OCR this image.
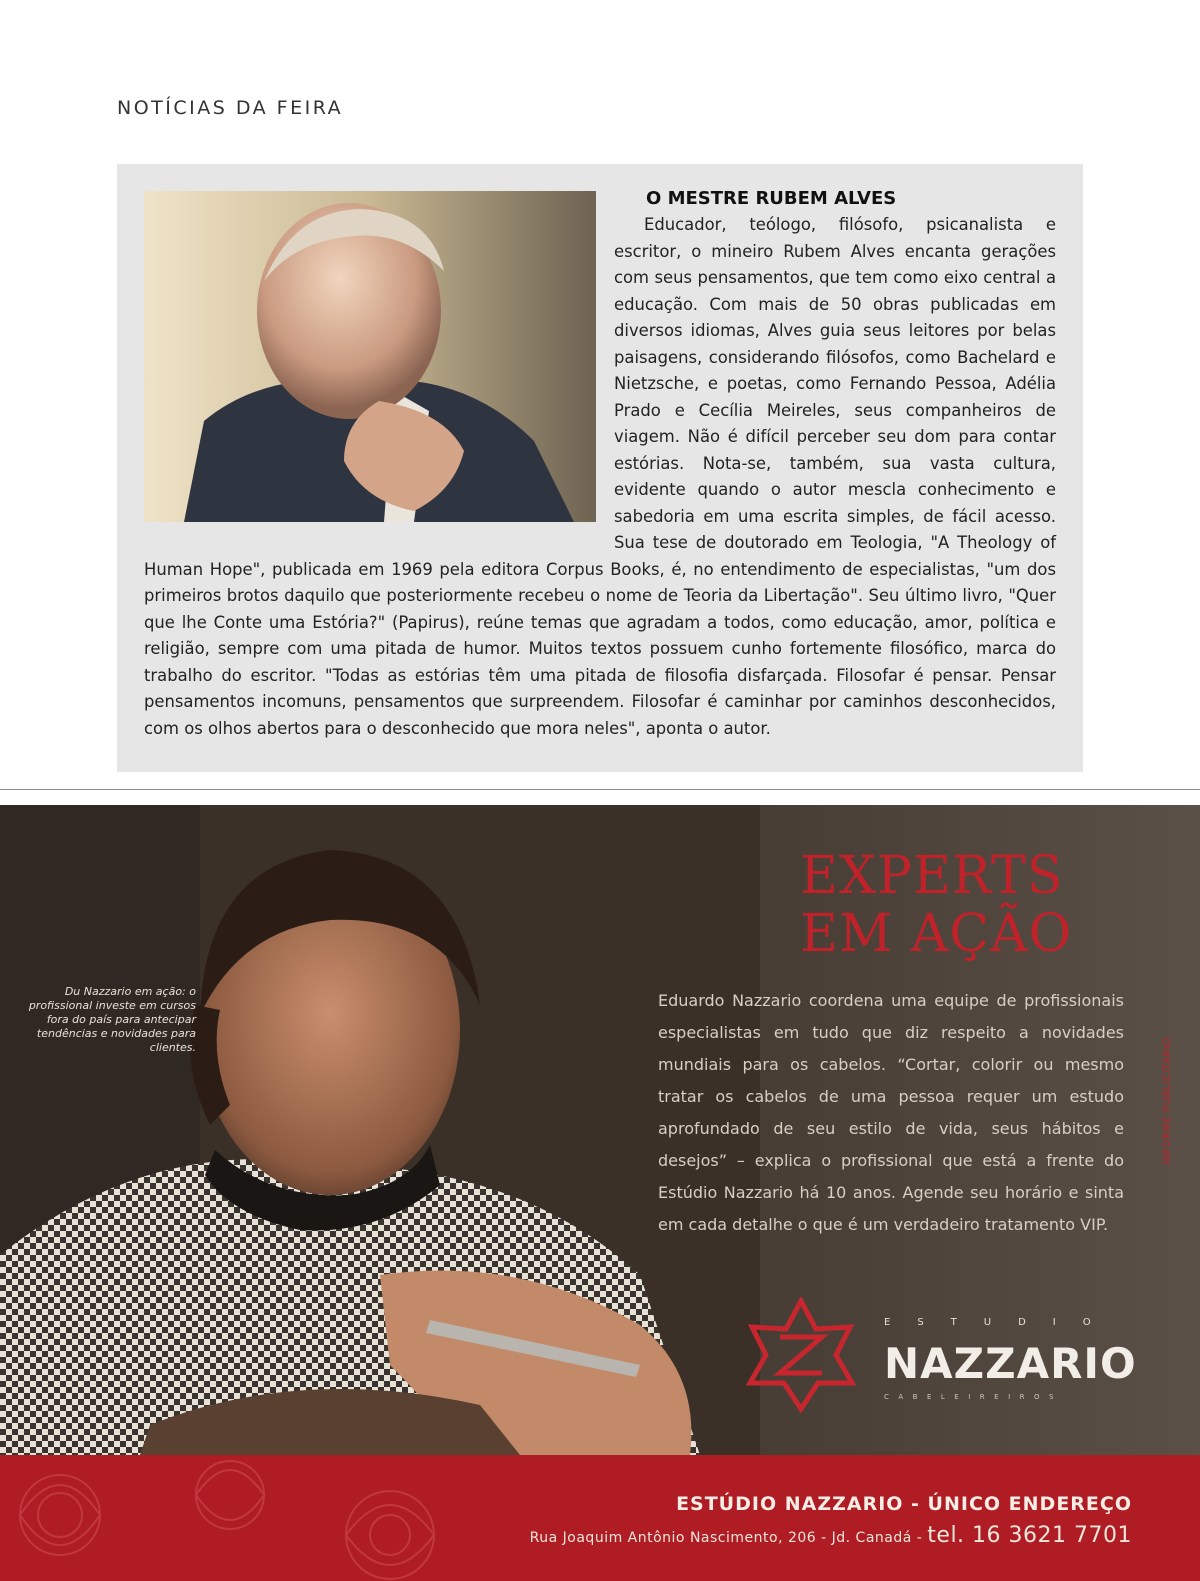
NOTÍCIAS DA FEIRA
O MESTRE RUBEM ALVES
Educador, teólogo, filósofo, psicanalista e escritor, o mineiro Rubem Alves encanta gerações com seus pensamentos, que tem como eixo central a educação. Com mais de 50 obras publicadas em diversos idiomas, Alves guia seus leitores por belas paisagens, considerando filósofos, como Bachelard e Nietzsche, e poetas, como Fernando Pessoa, Adélia Prado e Cecília Meireles, seus companheiros de viagem. Não é difícil perceber seu dom para contar estórias. Nota-se, também, sua vasta cultura, evidente quando o autor mescla conhecimento e sabedoria em uma escrita simples, de fácil acesso. Sua tese de doutorado em Teologia, "A Theology of Human Hope", publicada em 1969 pela editora Corpus Books, é, no entendimento de especialistas, "um dos primeiros brotos daquilo que posteriormente recebeu o nome de Teoria da Libertação". Seu último livro, "Quer que lhe Conte uma Estória?" (Papirus), reúne temas que agradam a todos, como educação, amor, política e religião, sempre com uma pitada de humor. Muitos textos possuem cunho fortemente filosófico, marca do trabalho do escritor. "Todas as estórias têm uma pitada de filosofia disfarçada. Filosofar é pensar. Pensar pensamentos incomuns, pensamentos que surpreendem. Filosofar é caminhar por caminhos desconhecidos, com os olhos abertos para o desconhecido que mora neles", aponta o autor.
Du Nazzario em ação: o profissional investe em cursos fora do país para antecipar tendências e novidades para clientes.
EXPERTS
EM AÇÃO
Eduardo Nazzario coordena uma equipe de profissionais especialistas em tudo que diz respeito a novidades mundiais para os cabelos. “Cortar, colorir ou mesmo tratar os cabelos de uma pessoa requer um estudo aprofundado de seu estilo de vida, seus hábitos e desejos” – explica o profissional que está a frente do Estúdio Nazzario há 10 anos. Agende seu horário e sinta em cada detalhe o que é um verdadeiro tratamento VIP.
INFORME PUBLICITÁRIO
ESTUDIO
NAZZARIO
CABELEIREIROS
ESTÚDIO NAZZARIO - ÚNICO ENDEREÇO
Rua Joaquim Antônio Nascimento, 206 - Jd. Canadá - tel. 16 3621 7701
